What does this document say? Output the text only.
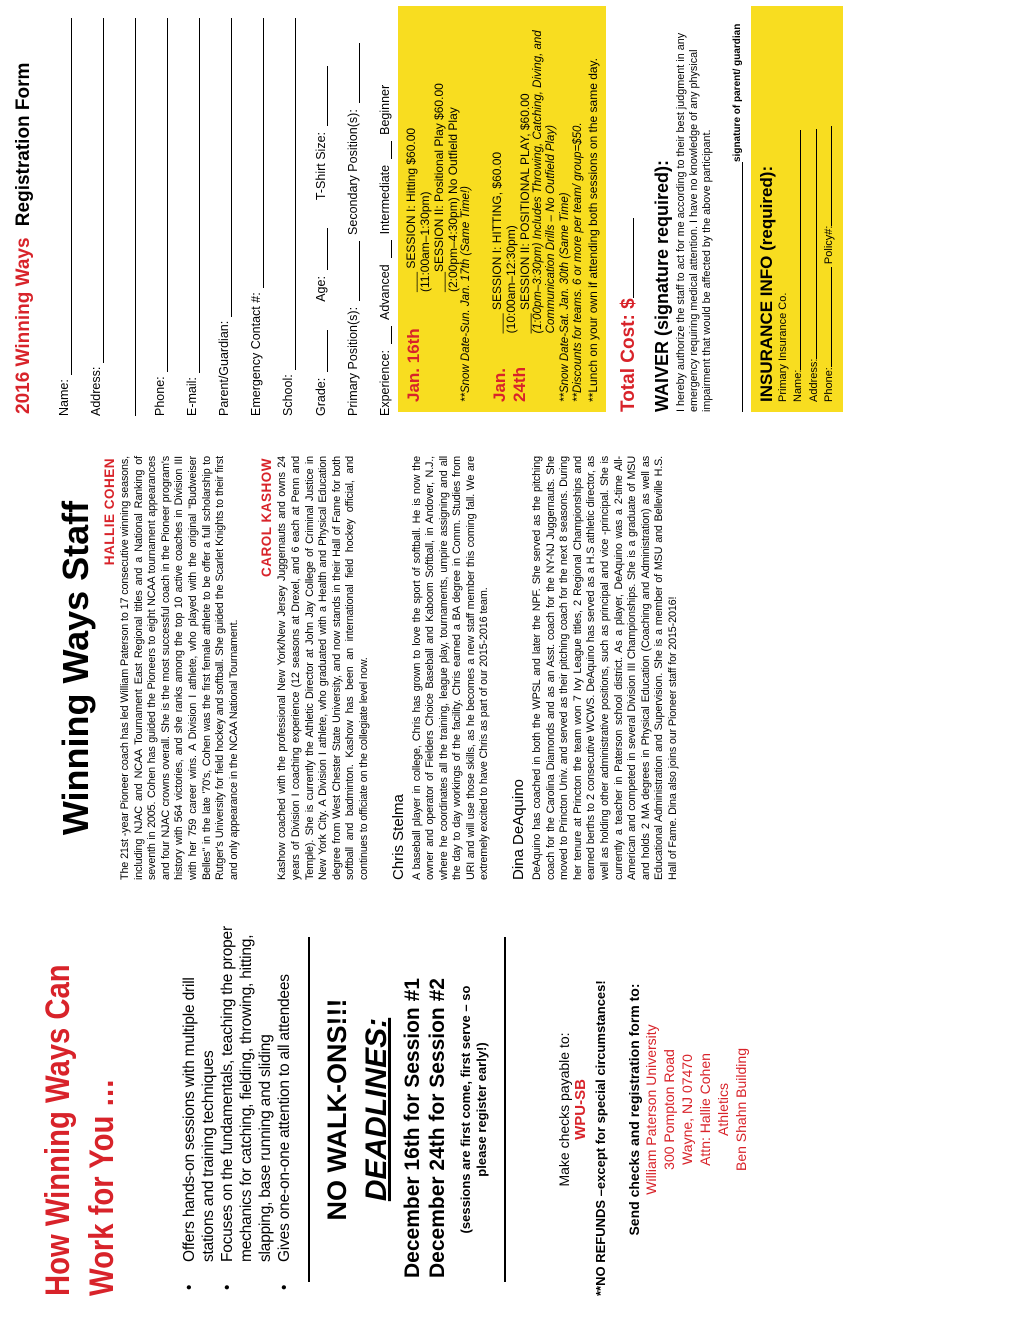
How Winning Ways Can Work for You …	• Offers hands-on sessions with multiple drill stations and training techniques • Focuses on the fundamentals, teaching the proper mechanics for catching, fielding, throwing, hitting, slapping, base running and sliding • Gives one-on-one attention to all attendees NO WALK-ONS!!! DEADLINES: December 16th for Session #1 December 24th for Session #2 (sessions are first come, first serve – so please register early!)	Make checks payable to: WPU-SB **NO REFUNDS –except for special circumstances! Send checks and registration form to: William Paterson University 300 Pompton Road Wayne, NJ 07470 Attn: Hallie Cohen Athletics Ben Shahn Building
Winning Ways Staff HALLIE COHEN The 21st -year Pioneer coach has led William Paterson to 17 consecutive winning seasons, including NJAC and NCAA Tournament East Regional titles and a National Ranking of seventh in 2005. Cohen has guided the Pioneers to eight NCAA tournament appearances and four NJAC crowns overall. She is the most successful coach in the Pioneer program's history with 564 victories, and she ranks among the top 10 active coaches in Division III with her 759 career wins. A Division I athlete, who played with the original "Budweiser Belles" in the late '70's, Cohen was the first female athlete to be offer a full scholarship to Rutger's University for field hockey and softball. She guided the Scarlet Knights to their first and only appearance in the NCAA National Tournament.

CAROL KASHOW Kashow coached with the professional New York/New Jersey Juggernauts and owns 24 years of Division I coaching experience (12 seasons at Drexel, and 6 each at Penn and Temple). She is currently the Athletic Director at John Jay College of Criminal Justice in New York City. A Division I athlete, who graduated with a Health and Physical Education degree from West Chester State University, and now stands in their Hall of Fame for both softball and badminton. Kashow has been an international field hockey official, and continues to officiate on the collegiate level now. Chris Stelma A baseball player in college, Chris has grown to love the sport of softball. He is now the owner and operator of Fielders Choice Baseball and Kaboom Softball, in Andover, N.J., where he coordinates all the training, league play, tournaments, umpire assigning and all the day to day workings of the facility. Chris earned a BA degree in Comm. Studies from URI and will use those skills, as he becomes a new staff member this coming fall. We are extremely excited to have Chris as part of our 2015-2016 team. Dina DeAquino DeAquino has coached in both the WPSL and later the NPF. She served as the pitching coach for the Carolina Diamonds and as an Asst. coach for the NY-NJ Juggernauts. She moved to Princton Univ. and served as their pitching coach for the next 8 seasons. During her tenure at Princton the team won 7 Ivy League titles, 2 Regional Championships and earned berths to 2 consecutive WCWS. DeAquino has served as a H.S athletic director, as well as holding other administrative positions, such as principal and vice -principal. She is currently a teacher in Paterson school district. As a player, DeAquino was a 2-time All-American and competed in several Division III Championships. She is a graduate of MSU and holds 2 MA degrees in Physical Education (Coaching and Administration) as well as Educational Administration and Supervision. She is a member of MSU and Belleville H.S. Hall of Fame. Dina also joins our Pioneer staff for 2015-2016!

2016 Winning Ways Registration Form
Name: Address:	Phone: E-mail: Parent/Guardian: Emergency Contact #: School: Grade:
Age:
T-Shirt Size:
Primary Position(s):
Secondary Position(s):
Experience:
Advanced
Intermediate
Beginner
Jan. 16th
___ SESSION I: Hitting $60.00 (11:00am–1:30pm) ___SESSION II: Positional Play $60.00 (2:00pm–4:30pm) No Outfield Play **Snow Date-Sun. Jan. 17th (Same Time!) Jan. 24th
___ SESSION I: HITTING, $60.00 (10:00am–12:30pm) ___ SESSION II: POSITIONAL PLAY, $60.00 (1:00pm–3:30pm) Includes Throwing, Catching, Diving, and Communication Drills – No Outfield Play) **Snow Date-Sat. Jan. 30th (Same Time) **Discounts for teams. 6 or more per team/ group=$50. **Lunch on your own if attending both sessions on the same day. Total Cost: $ WAIVER (signature required): I hereby authorize the staff to act for me according to their best judgment in any emergency requiring medical attention. I have no knowledge of any physical impairment that would be affected by the above participant.

signature of parent/ guardian
INSURANCE INFO (required): Primary Insurance Co. Name: Address: Phone: Policy#:
